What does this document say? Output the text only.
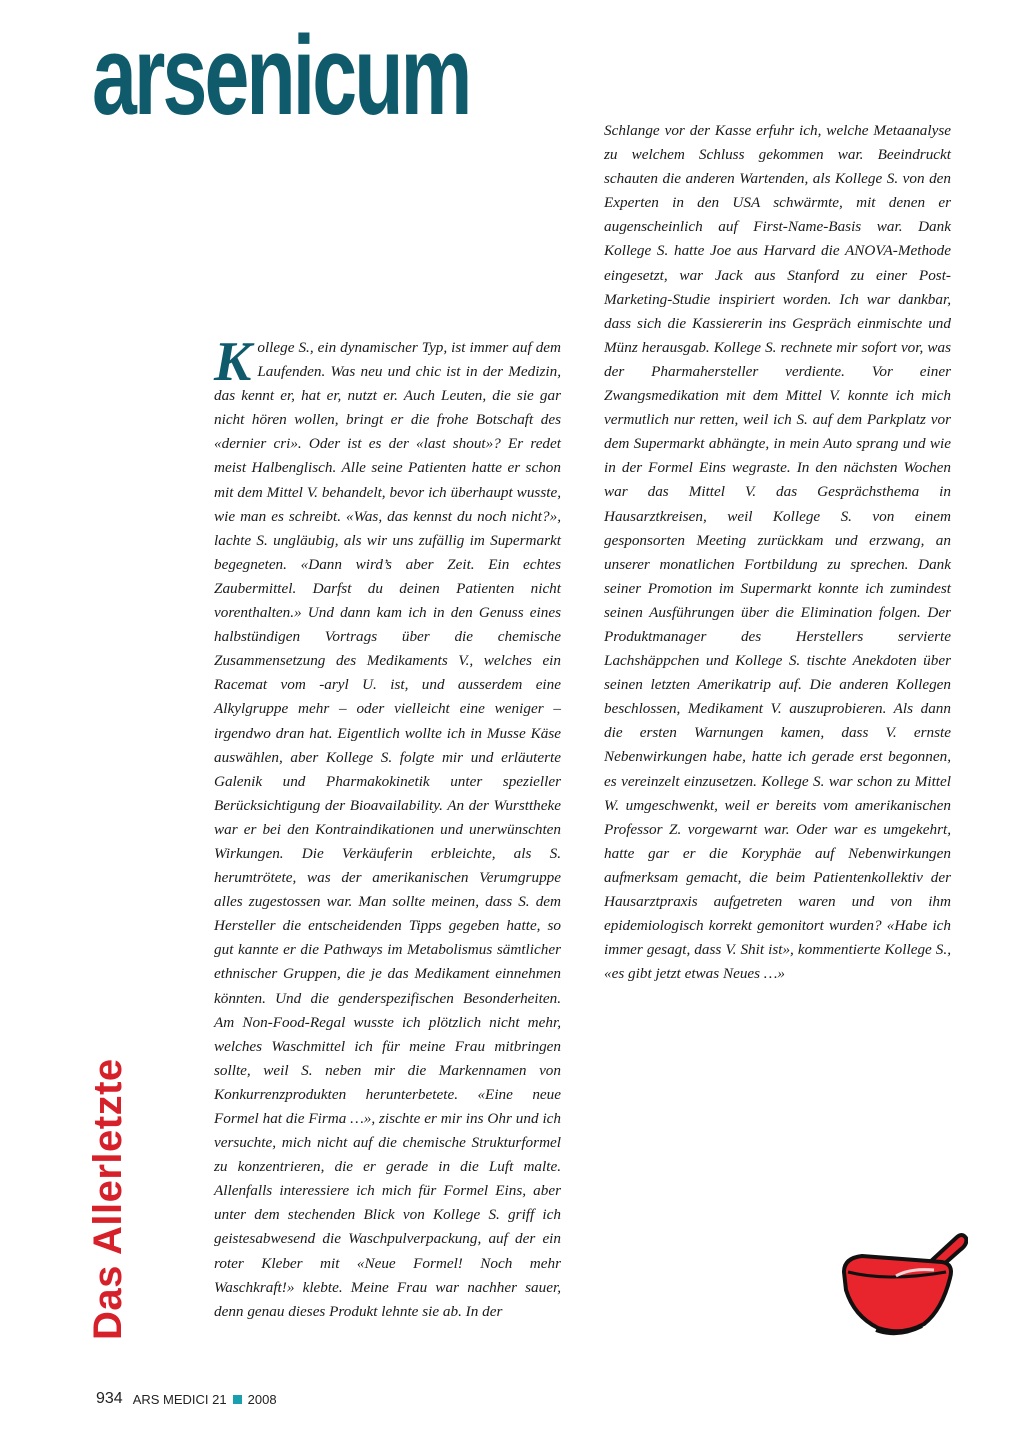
arsenicum
Kollege S., ein dynamischer Typ, ist immer auf dem Laufenden. Was neu und chic ist in der Medizin, das kennt er, hat er, nutzt er. Auch Leuten, die sie gar nicht hören wollen, bringt er die frohe Botschaft des «dernier cri». Oder ist es der «last shout»? Er redet meist Halbenglisch. Alle seine Patienten hatte er schon mit dem Mittel V. behandelt, bevor ich überhaupt wusste, wie man es schreibt. «Was, das kennst du noch nicht?», lachte S. ungläubig, als wir uns zufällig im Supermarkt begegneten. «Dann wird’s aber Zeit. Ein echtes Zaubermittel. Darfst du deinen Patienten nicht vorenthalten.» Und dann kam ich in den Genuss eines halbstündigen Vortrags über die chemische Zusammensetzung des Medikaments V., welches ein Racemat vom -aryl U. ist, und ausserdem eine Alkylgruppe mehr – oder vielleicht eine weniger – irgendwo dran hat. Eigentlich wollte ich in Musse Käse auswählen, aber Kollege S. folgte mir und erläuterte Galenik und Pharmakokinetik unter spezieller Berücksichtigung der Bioavailability. An der Wursttheke war er bei den Kontraindikationen und unerwünschten Wirkungen. Die Verkäuferin erbleichte, als S. herumtrötete, was der amerikanischen Verumgruppe alles zugestossen war. Man sollte meinen, dass S. dem Hersteller die entscheidenden Tipps gegeben hatte, so gut kannte er die Pathways im Metabolismus sämtlicher ethnischer Gruppen, die je das Medikament einnehmen könnten. Und die genderspezifischen Besonderheiten. Am Non-Food-Regal wusste ich plötzlich nicht mehr, welches Waschmittel ich für meine Frau mitbringen sollte, weil S. neben mir die Markennamen von Konkurrenzprodukten herunterbetete. «Eine neue Formel hat die Firma …», zischte er mir ins Ohr und ich versuchte, mich nicht auf die chemische Strukturformel zu konzentrieren, die er gerade in die Luft malte. Allenfalls interessiere ich mich für Formel Eins, aber unter dem stechenden Blick von Kollege S. griff ich geistesabwesend die Waschpulverpackung, auf der ein roter Kleber mit «Neue Formel! Noch mehr Waschkraft!» klebte. Meine Frau war nachher sauer, denn genau dieses Produkt lehnte sie ab. In der
Schlange vor der Kasse erfuhr ich, welche Metaanalyse zu welchem Schluss gekommen war. Beeindruckt schauten die anderen Wartenden, als Kollege S. von den Experten in den USA schwärmte, mit denen er augenscheinlich auf First-Name-Basis war. Dank Kollege S. hatte Joe aus Harvard die ANOVA-Methode eingesetzt, war Jack aus Stanford zu einer Post-Marketing-Studie inspiriert worden. Ich war dankbar, dass sich die Kassiererin ins Gespräch einmischte und Münz herausgab. Kollege S. rechnete mir sofort vor, was der Pharmahersteller verdiente. Vor einer Zwangsmedikation mit dem Mittel V. konnte ich mich vermutlich nur retten, weil ich S. auf dem Parkplatz vor dem Supermarkt abhängte, in mein Auto sprang und wie in der Formel Eins wegraste. In den nächsten Wochen war das Mittel V. das Gesprächsthema in Hausarztkreisen, weil Kollege S. von einem gesponsorten Meeting zurückkam und erzwang, an unserer monatlichen Fortbildung zu sprechen. Dank seiner Promotion im Supermarkt konnte ich zumindest seinen Ausführungen über die Elimination folgen. Der Produktmanager des Herstellers servierte Lachshäppchen und Kollege S. tischte Anekdoten über seinen letzten Amerikatrip auf. Die anderen Kollegen beschlossen, Medikament V. auszuprobieren. Als dann die ersten Warnungen kamen, dass V. ernste Nebenwirkungen habe, hatte ich gerade erst begonnen, es vereinzelt einzusetzen. Kollege S. war schon zu Mittel W. umgeschwenkt, weil er bereits vom amerikanischen Professor Z. vorgewarnt war. Oder war es umgekehrt, hatte gar er die Koryphäe auf Nebenwirkungen aufmerksam gemacht, die beim Patientenkollektiv der Hausarztpraxis aufgetreten waren und von ihm epidemiologisch korrekt gemonitort wurden? «Habe ich immer gesagt, dass V. Shit ist», kommentierte Kollege S., «es gibt jetzt etwas Neues …»
Das Allerletzte
934 ARS MEDICI 21 2008
